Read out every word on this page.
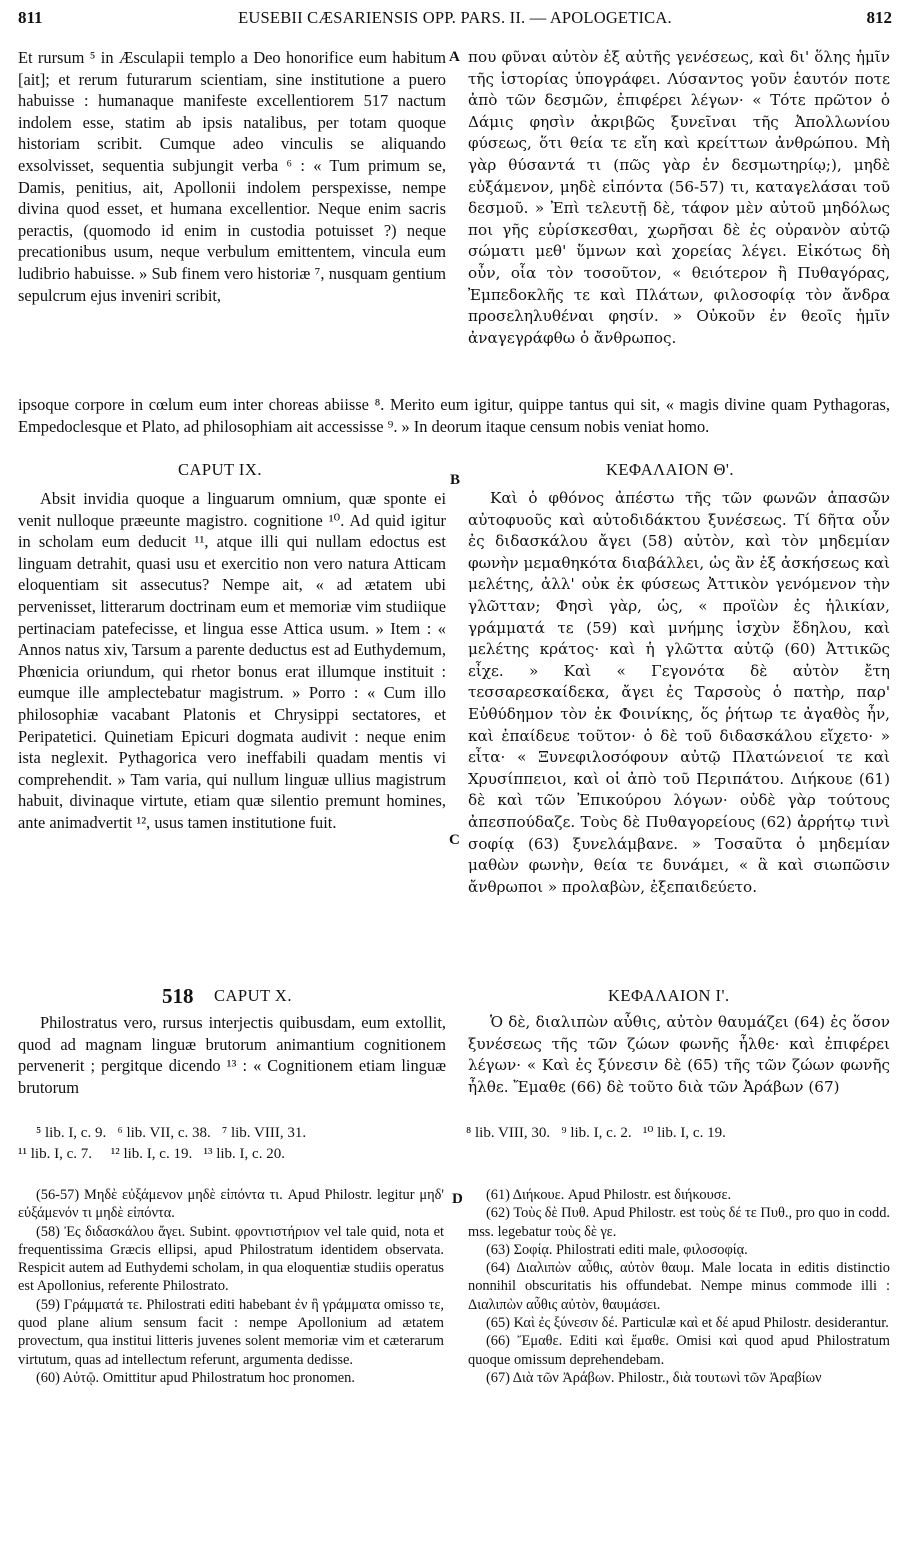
811	EUSEBII CÆSARIENSIS OPP. PARS. II. — APOLOGETICA.	812

Et rursum ⁵ in Æsculapii templo a Deo honorifice eum habitum [ait]; et rerum futurarum scientiam, sine institutione a puero habuisse : humanaque manifeste excellentiorem 517 nactum indolem esse, statim ab ipsis natalibus, per totam quoque historiam scribit. Cumque adeo vinculis se aliquando exsolvisset, sequentia subjungit verba ⁶ : « Tum primum se, Damis, penitius, ait, Apollonii indolem perspexisse, nempe divina quod esset, et humana excellentior. Neque enim sacris peractis, (quomodo id enim in custodia potuisset ?) neque precationibus usum, neque verbulum emittentem, vincula eum ludibrio habuisse. » Sub finem vero historiæ ⁷, nusquam gentium sepulcrum ejus inveniri scribit,

A που φῦναι αὐτὸν ἐξ αὐτῆς γενέσεως, καὶ δι' ὅλης ἡμῖν τῆς ἱστορίας ὑπογράφει. Λύσαντος γοῦν ἑαυτόν ποτε ἀπὸ τῶν δεσμῶν, ἐπιφέρει λέγων· « Τότε πρῶτον ὁ Δάμις φησὶν ἀκριβῶς ξυνεῖναι τῆς Ἀπολλωνίου φύσεως, ὅτι θεία τε εἴη καὶ κρείττων ἀνθρώπου. Μὴ γὰρ θύσαντά τι (πῶς γὰρ ἐν δεσμωτηρίῳ;), μηδὲ εὐξάμενον, μηδὲ εἰπόντα (56-57) τι, καταγελάσαι τοῦ δεσμοῦ. » Ἐπὶ τελευτῇ δὲ, τάφον μὲν αὐτοῦ μηδόλως ποι γῆς εὑρίσκεσθαι, χωρῆσαι δὲ ἐς οὐρανὸν αὐτῷ σώματι μεθ' ὕμνων καὶ χορείας λέγει. Εἰκότως δὴ οὖν, οἷα τὸν τοσοῦτον, « θειότερον ἢ Πυθαγόρας, Ἐμπεδοκλῆς τε καὶ Πλάτων, φιλοσοφίᾳ τὸν ἄνδρα προσεληλυθέναι φησίν. » Οὐκοῦν ἐν θεοῖς ἡμῖν ἀναγεγράφθω ὁ ἄνθρωπος.

ipsoque corpore in cœlum eum inter choreas abiisse ⁸. Merito eum igitur, quippe tantus qui sit, « magis divine quam Pythagoras, Empedoclesque et Plato, ad philosophiam ait accessisse ⁹. » In deorum itaque censum nobis veniat homo.

CAPUT IX.
B
ΚΕΦΑΛΑΙΟΝ Θ'.

Absit invidia quoque a linguarum omnium, quæ sponte ei venit nulloque præeunte magistro. cognitione ¹⁰. Ad quid igitur in scholam eum deducit ¹¹, atque illi qui nullam edoctus est linguam detrahit, quasi usu et exercitio non vero natura Atticam eloquentiam sit assecutus? Nempe ait, « ad ætatem ubi pervenisset, litterarum doctrinam eum et memoriæ vim studiique pertinaciam patefecisse, et lingua esse Attica usum. » Item : « Annos natus xiv, Tarsum a parente deductus est ad Euthydemum, Phœnicia oriundum, qui rhetor bonus erat illumque instituit : eumque ille amplectebatur magistrum. » Porro : « Cum illo philosophiæ vacabant Platonis et Chrysippi sectatores, et Peripatetici. Quinetiam Epicuri dogmata audivit : neque enim ista neglexit. Pythagorica vero ineffabili quadam mentis vi comprehendit. » Tam varia, qui nullum linguæ ullius magistrum habuit, divinaque virtute, etiam quæ silentio premunt homines, ante animadvertit ¹², usus tamen institutione fuit.

C

Καὶ ὁ φθόνος ἀπέστω τῆς τῶν φωνῶν ἁπασῶν αὐτοφυοῦς καὶ αὐτοδιδάκτου ξυνέσεως. Τί δῆτα οὖν ἐς διδασκάλου ἄγει (58) αὐτὸν, καὶ τὸν μηδεμίαν φωνὴν μεμαθηκότα διαβάλλει, ὡς ἂν ἐξ ἀσκήσεως καὶ μελέτης, ἀλλ' οὐκ ἐκ φύσεως Ἀττικὸν γενόμενον τὴν γλῶτταν; Φησὶ γὰρ, ὡς, « προϊὼν ἐς ἡλικίαν, γράμματά τε (59) καὶ μνήμης ἰσχὺν ἔδηλου, καὶ μελέτης κράτος· καὶ ἡ γλῶττα αὐτῷ (60) Ἀττικῶς εἶχε. » Καὶ « Γεγονότα δὲ αὐτὸν ἔτη τεσσαρεσκαίδεκα, ἄγει ἐς Ταρσοὺς ὁ πατὴρ, παρ' Εὐθύδημον τὸν ἐκ Φοινίκης, ὅς ῥήτωρ τε ἀγαθὸς ἦν, καὶ ἐπαίδευε τοῦτον· ὁ δὲ τοῦ διδασκάλου εἴχετο· » εἶτα· « Ξυνεφιλοσόφουν αὐτῷ Πλατώνειοί τε καὶ Χρυσίππειοι, καὶ οἱ ἀπὸ τοῦ Περιπάτου. Διήκουε (61) δὲ καὶ τῶν Ἐπικούρου λόγων· οὐδὲ γὰρ τούτους ἀπεσπούδαζε. Τοὺς δὲ Πυθαγορείους (62) ἀρρήτῳ τινὶ σοφίᾳ (63) ξυνελάμβανε. » Τοσαῦτα ὁ μηδεμίαν μαθὼν φωνὴν, θεία τε δυνάμει, « ἃ καὶ σιωπῶσιν ἄνθρωποι » προλαβὼν, ἐξεπαιδεύετο.

518 CAPUT X.	ΚΕΦΑΛΑΙΟΝ Ι'.

Philostratus vero, rursus interjectis quibusdam, eum extollit, quod ad magnam linguæ brutorum animantium cognitionem pervenerit ; pergitque dicendo ¹³ : « Cognitionem etiam linguæ brutorum

Ὁ δὲ, διαλιπὼν αὖθις, αὐτὸν θαυμάζει (64) ἐς ὅσον ξυνέσεως τῆς τῶν ζώων φωνῆς ἧλθε· καὶ ἐπιφέρει λέγων· « Καὶ ἐς ξύνεσιν δὲ (65) τῆς τῶν ζώων φωνῆς ἦλθε. Ἔμαθε (66) δὲ τοῦτο διὰ τῶν Ἀράβων (67)

⁵ lib. I, c. 9.   ⁶ lib. VII, c. 38.   ⁷ lib. VIII, 31.
¹¹ lib. I, c. 7.     ¹² lib. I, c. 19.   ¹³ lib. I, c. 20.
⁸ lib. VIII, 30.   ⁹ lib. I, c. 2.   ¹⁰ lib. I, c. 19.

(56-57) Μηδὲ εὐξάμενον μηδὲ εἰπόντα τι. Apud Philostr. legitur μηδ' εὐξάμενόν τι μηδὲ εἰπόντα.

(58) Ἐς διδασκάλου ἄγει. Subint. φροντιστήριον vel tale quid, nota et frequentissima Græcis ellipsi, apud Philostratum identidem observata. Respicit autem ad Euthydemi scholam, in qua eloquentiæ studiis operatus est Apollonius, referente Philostrato.

(59) Γράμματά τε. Philostrati editi habebant ἐν ἣ γράμματα omisso τε, quod plane alium sensum facit : nempe Apollonium ad ætatem provectum, qua institui litteris juvenes solent memoriæ vim et cæterarum virtutum, quas ad intellectum referunt, argumenta dedisse.

(60) Αὐτῷ. Omittitur apud Philostratum hoc pronomen.

D	(61) Διήκουε. Apud Philostr. est διήκουσε.

(62) Τοὺς δὲ Πυθ. Apud Philostr. est τοὺς δέ τε Πυθ., pro quo in codd. mss. legebatur τοὺς δὲ γε.

(63) Σοφίᾳ. Philostrati editi male, φιλοσοφίᾳ.

(64) Διαλιπὼν αὖθις, αὐτὸν θαυμ. Male locata in editis distinctio nonnihil obscuritatis his offundebat. Nempe minus commode illi : Διαλιπὼν αὖθις αὐτὸν, θαυμάσει.

(65) Καὶ ἐς ξύνεσιν δέ. Particulæ καὶ et δέ apud Philostr. desiderantur.

(66) Ἔμαθε. Editi καὶ ἔμαθε. Omisi καὶ quod apud Philostratum quoque omissum deprehendebam.

(67) Διὰ τῶν Ἀράβων. Philostr., διὰ τουτωνὶ τῶν Ἀραβίων
